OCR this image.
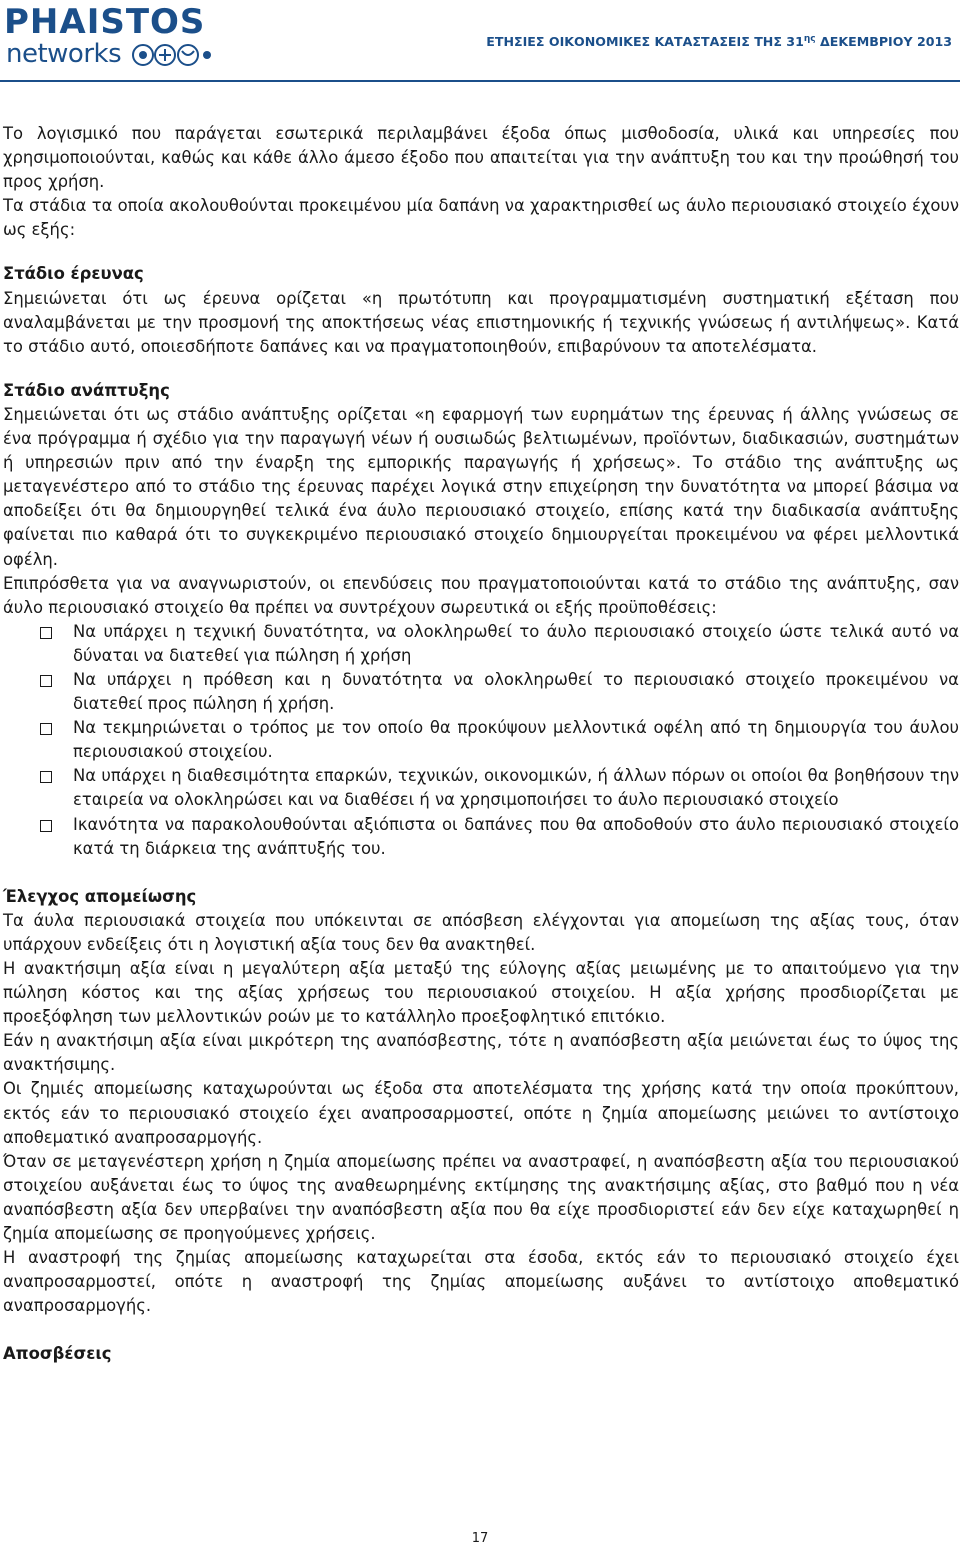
PHAISTOS
networks	ΕΤΗΣΙΕΣ ΟΙΚΟΝΟΜΙΚΕΣ ΚΑΤΑΣΤΑΣΕΙΣ ΤΗΣ $31^{\eta\varsigma}$ ΔΕΚΕΜΒΡΙΟΥ 2013

Το λογισμικό που παράγεται εσωτερικά περιλαμβάνει έξοδα όπως μισθοδοσία, υλικά και υπηρεσίες που χρησιμοποιούνται, καθώς και κάθε άλλο άμεσο έξοδο που απαιτείται για την ανάπτυξη του και την προώθησή του προς χρήση.

Τα στάδια τα οποία ακολουθούνται προκειμένου μία δαπάνη να χαρακτηρισθεί ως άυλο περιουσιακό στοιχείο έχουν ως εξής:

Στάδιο έρευνας

Σημειώνεται ότι ως έρευνα ορίζεται «η πρωτότυπη και προγραμματισμένη συστηματική εξέταση που αναλαμβάνεται με την προσμονή της αποκτήσεως νέας επιστημονικής ή τεχνικής γνώσεως ή αντιλήψεως». Κατά το στάδιο αυτό, οποιεσδήποτε δαπάνες και να πραγματοποιηθούν, επιβαρύνουν τα αποτελέσματα.

Στάδιο ανάπτυξης

Σημειώνεται ότι ως στάδιο ανάπτυξης ορίζεται «η εφαρμογή των ευρημάτων της έρευνας ή άλλης γνώσεως σε ένα πρόγραμμα ή σχέδιο για την παραγωγή νέων ή ουσιωδώς βελτιωμένων, προϊόντων, διαδικασιών, συστημάτων ή υπηρεσιών πριν από την έναρξη της εμπορικής παραγωγής ή χρήσεως». Το στάδιο της ανάπτυξης ως μεταγενέστερο από το στάδιο της έρευνας παρέχει λογικά στην επιχείρηση την δυνατότητα να μπορεί βάσιμα να αποδείξει ότι θα δημιουργηθεί τελικά ένα άυλο περιουσιακό στοιχείο, επίσης κατά την διαδικασία ανάπτυξης φαίνεται πιο καθαρά ότι το συγκεκριμένο περιουσιακό στοιχείο δημιουργείται προκειμένου να φέρει μελλοντικά οφέλη.

Επιπρόσθετα για να αναγνωριστούν, οι επενδύσεις που πραγματοποιούνται κατά το στάδιο της ανάπτυξης, σαν άυλο περιουσιακό στοιχείο θα πρέπει να συντρέχουν σωρευτικά οι εξής προϋποθέσεις:

Να υπάρχει η τεχνική δυνατότητα, να ολοκληρωθεί το άυλο περιουσιακό στοιχείο ώστε τελικά αυτό να δύναται να διατεθεί για πώληση ή χρήση
Να υπάρχει η πρόθεση και η δυνατότητα να ολοκληρωθεί το περιουσιακό στοιχείο προκειμένου να διατεθεί προς πώληση ή χρήση.
Να τεκμηριώνεται ο τρόπος με τον οποίο θα προκύψουν μελλοντικά οφέλη από τη δημιουργία του άυλου περιουσιακού στοιχείου.
Να υπάρχει η διαθεσιμότητα επαρκών, τεχνικών, οικονομικών, ή άλλων πόρων οι οποίοι θα βοηθήσουν την εταιρεία να ολοκληρώσει και να διαθέσει ή να χρησιμοποιήσει το άυλο περιουσιακό στοιχείο
Ικανότητα να παρακολουθούνται αξιόπιστα οι δαπάνες που θα αποδοθούν στο άυλο περιουσιακό στοιχείο κατά τη διάρκεια της ανάπτυξής του.

Έλεγχος απομείωσης

Τα άυλα περιουσιακά στοιχεία που υπόκεινται σε απόσβεση ελέγχονται για απομείωση της αξίας τους, όταν υπάρχουν ενδείξεις ότι η λογιστική αξία τους δεν θα ανακτηθεί.

Η ανακτήσιμη αξία είναι η μεγαλύτερη αξία μεταξύ της εύλογης αξίας μειωμένης με το απαιτούμενο για την πώληση κόστος και της αξίας χρήσεως του περιουσιακού στοιχείου. Η αξία χρήσης προσδιορίζεται με προεξόφληση των μελλοντικών ροών με το κατάλληλο προεξοφλητικό επιτόκιο.

Εάν η ανακτήσιμη αξία είναι μικρότερη της αναπόσβεστης, τότε η αναπόσβεστη αξία μειώνεται έως το ύψος της ανακτήσιμης.

Οι ζημιές απομείωσης καταχωρούνται ως έξοδα στα αποτελέσματα της χρήσης κατά την οποία προκύπτουν, εκτός εάν το περιουσιακό στοιχείο έχει αναπροσαρμοστεί, οπότε η ζημία απομείωσης μειώνει το αντίστοιχο αποθεματικό αναπροσαρμογής.

Όταν σε μεταγενέστερη χρήση η ζημία απομείωσης πρέπει να αναστραφεί, η αναπόσβεστη αξία του περιουσιακού στοιχείου αυξάνεται έως το ύψος της αναθεωρημένης εκτίμησης της ανακτήσιμης αξίας, στο βαθμό που η νέα αναπόσβεστη αξία δεν υπερβαίνει την αναπόσβεστη αξία που θα είχε προσδιοριστεί εάν δεν είχε καταχωρηθεί η ζημία απομείωσης σε προηγούμενες χρήσεις.

Η αναστροφή της ζημίας απομείωσης καταχωρείται στα έσοδα, εκτός εάν το περιουσιακό στοιχείο έχει αναπροσαρμοστεί, οπότε η αναστροφή της ζημίας απομείωσης αυξάνει το αντίστοιχο αποθεματικό αναπροσαρμογής.

Αποσβέσεις

17
